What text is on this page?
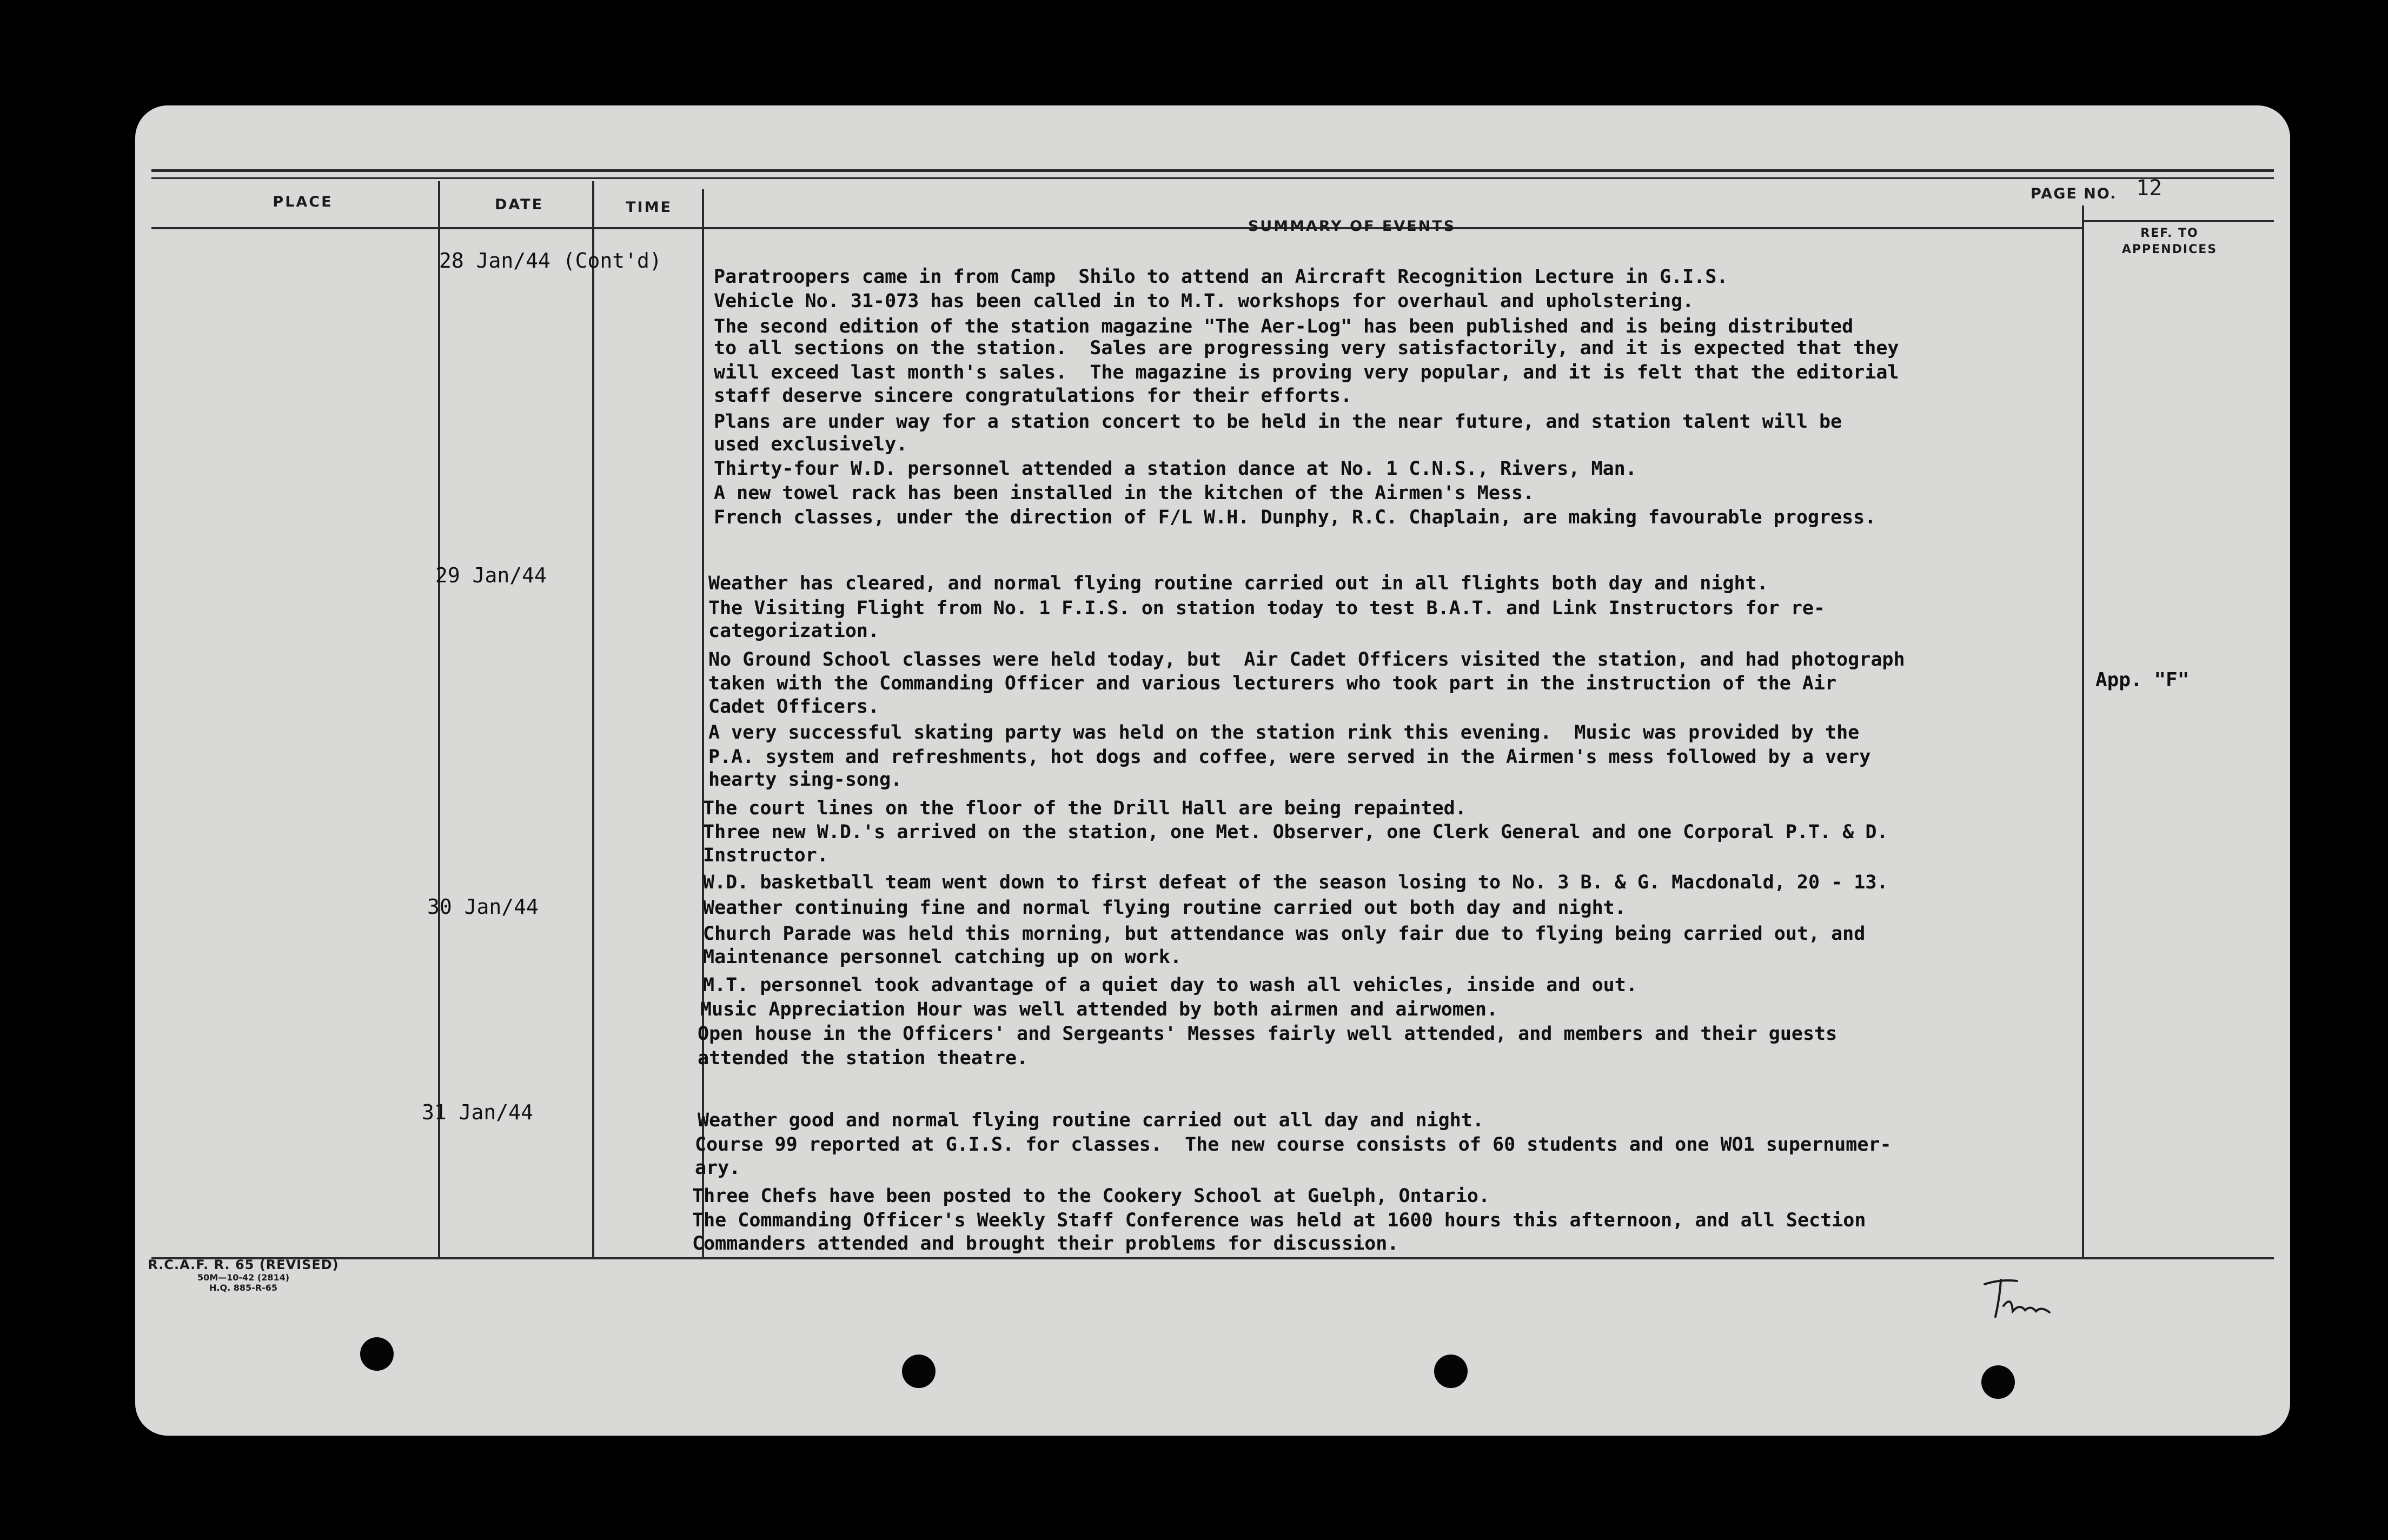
PLACE	DATE	TIME
SUMMARY OF EVENTS
PAGE NO. 12
REF. TO
APPENDICES
28 Jan/44 (Cont'd)
29 Jan/44
30 Jan/44
31 Jan/44
Paratroopers came in from Camp  Shilo to attend an Aircraft Recognition Lecture in G.I.S.
Vehicle No. 31-073 has been called in to M.T. workshops for overhaul and upholstering.
The second edition of the station magazine "The Aer-Log" has been published and is being distributed
to all sections on the station.  Sales are progressing very satisfactorily, and it is expected that they
will exceed last month's sales.  The magazine is proving very popular, and it is felt that the editorial
staff deserve sincere congratulations for their efforts.
Plans are under way for a station concert to be held in the near future, and station talent will be
used exclusively.
Thirty-four W.D. personnel attended a station dance at No. 1 C.N.S., Rivers, Man.
A new towel rack has been installed in the kitchen of the Airmen's Mess.
French classes, under the direction of F/L W.H. Dunphy, R.C. Chaplain, are making favourable progress.
Weather has cleared, and normal flying routine carried out in all flights both day and night.
The Visiting Flight from No. 1 F.I.S. on station today to test B.A.T. and Link Instructors for re-
categorization.
No Ground School classes were held today, but  Air Cadet Officers visited the station, and had photograph
taken with the Commanding Officer and various lecturers who took part in the instruction of the Air
Cadet Officers.
A very successful skating party was held on the station rink this evening.  Music was provided by the
P.A. system and refreshments, hot dogs and coffee, were served in the Airmen's mess followed by a very
hearty sing-song.
The court lines on the floor of the Drill Hall are being repainted.
Three new W.D.'s arrived on the station, one Met. Observer, one Clerk General and one Corporal P.T. & D.
Instructor.
W.D. basketball team went down to first defeat of the season losing to No. 3 B. & G. Macdonald, 20 - 13.
Weather continuing fine and normal flying routine carried out both day and night.
Church Parade was held this morning, but attendance was only fair due to flying being carried out, and
Maintenance personnel catching up on work.
M.T. personnel took advantage of a quiet day to wash all vehicles, inside and out.
Music Appreciation Hour was well attended by both airmen and airwomen.
Open house in the Officers' and Sergeants' Messes fairly well attended, and members and their guests
attended the station theatre.
Weather good and normal flying routine carried out all day and night.
Course 99 reported at G.I.S. for classes.  The new course consists of 60 students and one WO1 supernumer-
ary.
Three Chefs have been posted to the Cookery School at Guelph, Ontario.
The Commanding Officer's Weekly Staff Conference was held at 1600 hours this afternoon, and all Section
Commanders attended and brought their problems for discussion.
App. "F"
R.C.A.F. R. 65 (REVISED)
50M—10-42 (2814)
H.Q. 885-R-65
